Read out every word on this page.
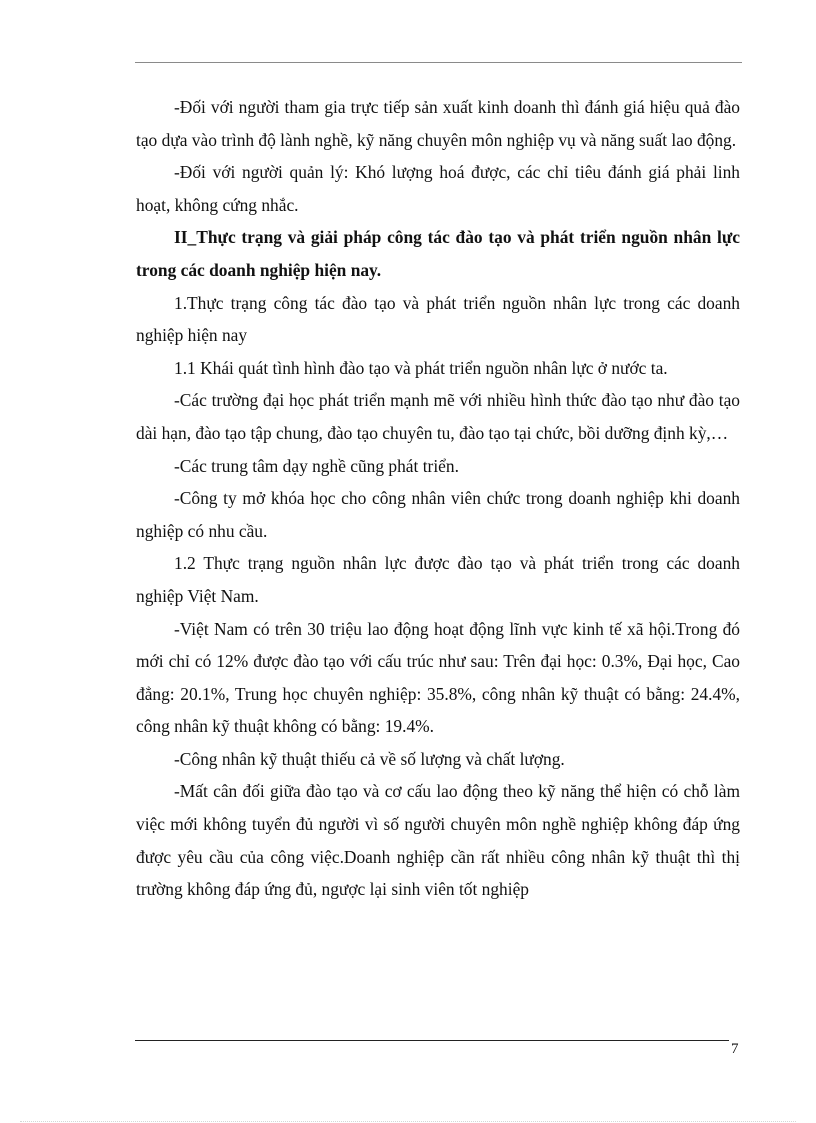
-Đối với người tham gia trực tiếp sản xuất kinh doanh thì đánh giá hiệu quả đào tạo dựa vào trình độ lành nghề, kỹ năng chuyên môn nghiệp vụ và năng suất lao động.

-Đối với người quản lý: Khó lượng hoá được, các chỉ tiêu đánh giá phải linh hoạt, không cứng nhắc.

II_Thực trạng và giải pháp công tác đào tạo và phát triển nguồn nhân lực trong các doanh nghiệp hiện nay.

1.Thực trạng công tác đào tạo và phát triển nguồn nhân lực trong các doanh nghiệp hiện nay

1.1 Khái quát tình hình đào tạo và phát triển nguồn nhân lực ở nước ta.

-Các trường đại học phát triển mạnh mẽ với nhiều hình thức đào tạo như đào tạo dài hạn, đào tạo tập chung, đào tạo chuyên tu, đào tạo tại chức, bồi dưỡng định kỳ,…

-Các trung tâm dạy nghề cũng phát triển.

-Công ty mở khóa học cho công nhân viên chức trong doanh nghiệp khi doanh nghiệp có nhu cầu.

1.2 Thực trạng nguồn nhân lực được đào tạo và phát triển trong các doanh nghiệp Việt Nam.

-Việt Nam có trên 30 triệu lao động hoạt động lĩnh vực kinh tế xã hội.Trong đó mới chỉ có 12% được đào tạo với cấu trúc như sau: Trên đại học: 0.3%, Đại học, Cao đẳng: 20.1%, Trung học chuyên nghiệp: 35.8%, công nhân kỹ thuật có bằng: 24.4%, công nhân kỹ thuật không có bằng: 19.4%.

-Công nhân kỹ thuật thiếu cả về số lượng và chất lượng.

-Mất cân đối giữa đào tạo và cơ cấu lao động theo kỹ năng thể hiện có chỗ làm việc mới không tuyển đủ người vì số người chuyên môn nghề nghiệp không đáp ứng được yêu cầu của công việc.Doanh nghiệp cần rất nhiều công nhân kỹ thuật thì thị trường không đáp ứng đủ, ngược lại sinh viên tốt nghiệp

7
